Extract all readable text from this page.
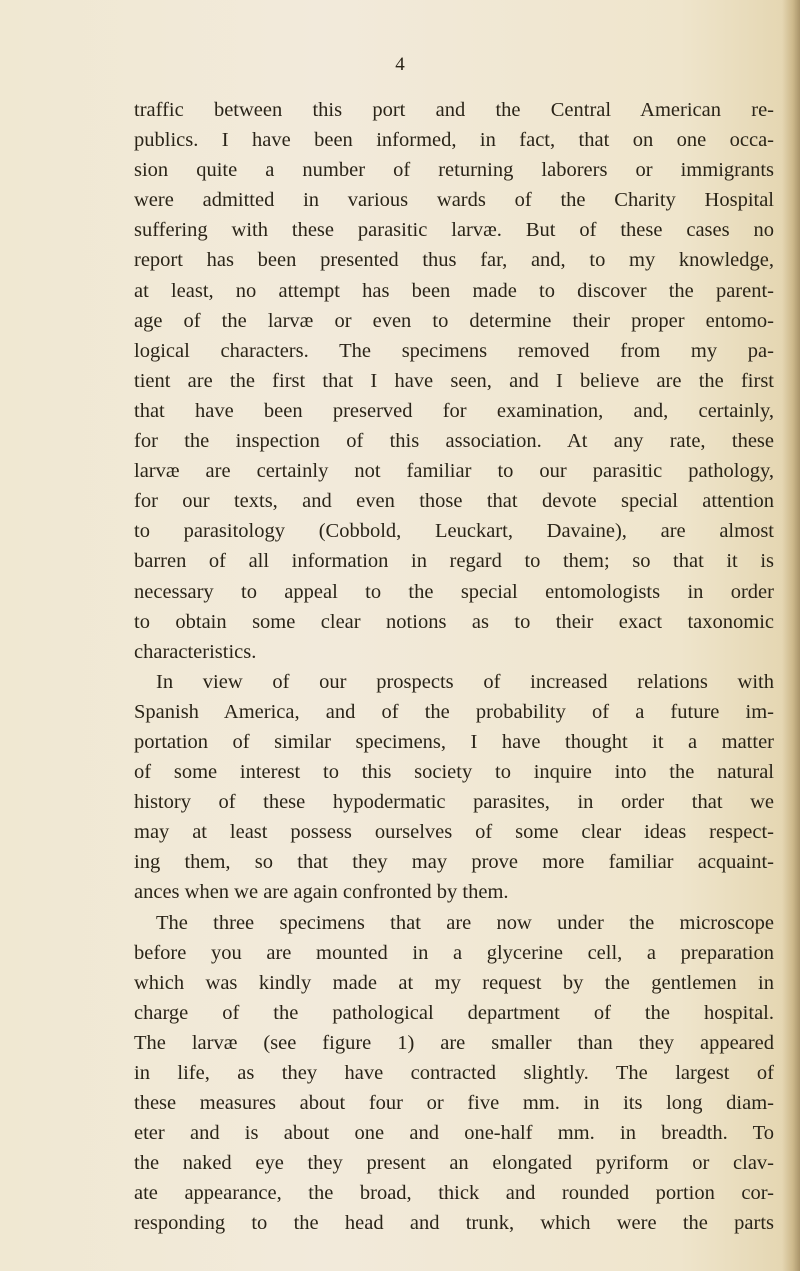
4
traffic between this port and the Central American re-
publics. I have been informed, in fact, that on one occa-
sion quite a number of returning laborers or immigrants
were admitted in various wards of the Charity Hospital
suffering with these parasitic larvæ. But of these cases no
report has been presented thus far, and, to my knowledge,
at least, no attempt has been made to discover the parent-
age of the larvæ or even to determine their proper entomo-
logical characters. The specimens removed from my pa-
tient are the first that I have seen, and I believe are the first
that have been preserved for examination, and, certainly,
for the inspection of this association. At any rate, these
larvæ are certainly not familiar to our parasitic pathology,
for our texts, and even those that devote special attention
to parasitology (Cobbold, Leuckart, Davaine), are almost
barren of all information in regard to them; so that it is
necessary to appeal to the special entomologists in order
to obtain some clear notions as to their exact taxonomic
characteristics.
In view of our prospects of increased relations with
Spanish America, and of the probability of a future im-
portation of similar specimens, I have thought it a matter
of some interest to this society to inquire into the natural
history of these hypodermatic parasites, in order that we
may at least possess ourselves of some clear ideas respect-
ing them, so that they may prove more familiar acquaint-
ances when we are again confronted by them.
The three specimens that are now under the microscope
before you are mounted in a glycerine cell, a preparation
which was kindly made at my request by the gentlemen in
charge of the pathological department of the hospital.
The larvæ (see figure 1) are smaller than they appeared
in life, as they have contracted slightly. The largest of
these measures about four or five mm. in its long diam-
eter and is about one and one-half mm. in breadth. To
the naked eye they present an elongated pyriform or clav-
ate appearance, the broad, thick and rounded portion cor-
responding to the head and trunk, which were the parts
